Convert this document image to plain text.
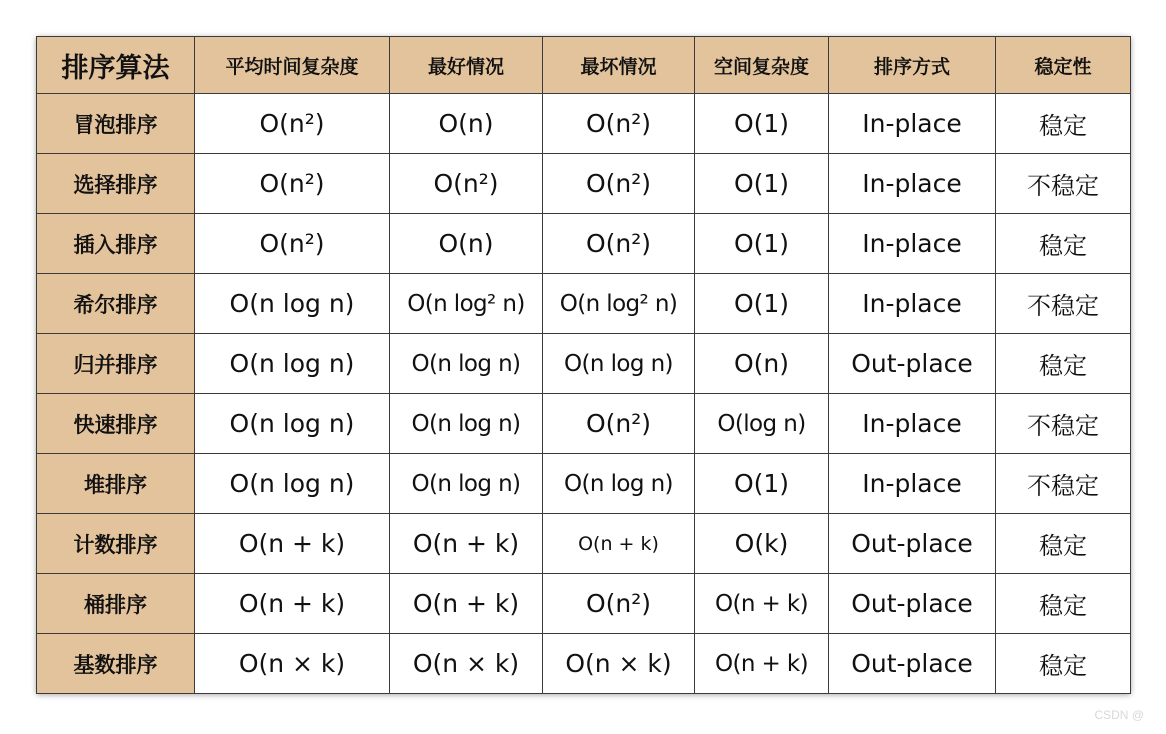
排序算法	平均时间复杂度	最好情况	最坏情况	空间复杂度	排序方式	稳定性
冒泡排序	O(n²)	O(n)	O(n²)	O(1)	In-place	稳定
选择排序	O(n²)	O(n²)	O(n²)	O(1)	In-place	不稳定
插入排序	O(n²)	O(n)	O(n²)	O(1)	In-place	稳定
希尔排序	O(n log n)	O(n log² n)	O(n log² n)	O(1)	In-place	不稳定
归并排序	O(n log n)	O(n log n)	O(n log n)	O(n)	Out-place	稳定
快速排序	O(n log n)	O(n log n)	O(n²)	O(log n)	In-place	不稳定
堆排序	O(n log n)	O(n log n)	O(n log n)	O(1)	In-place	不稳定
计数排序	O(n + k)	O(n + k)	O(n + k)	O(k)	Out-place	稳定
桶排序	O(n + k)	O(n + k)	O(n²)	O(n + k)	Out-place	稳定
基数排序	O(n × k)	O(n × k)	O(n × k)	O(n + k)	Out-place	稳定
CSDN @
